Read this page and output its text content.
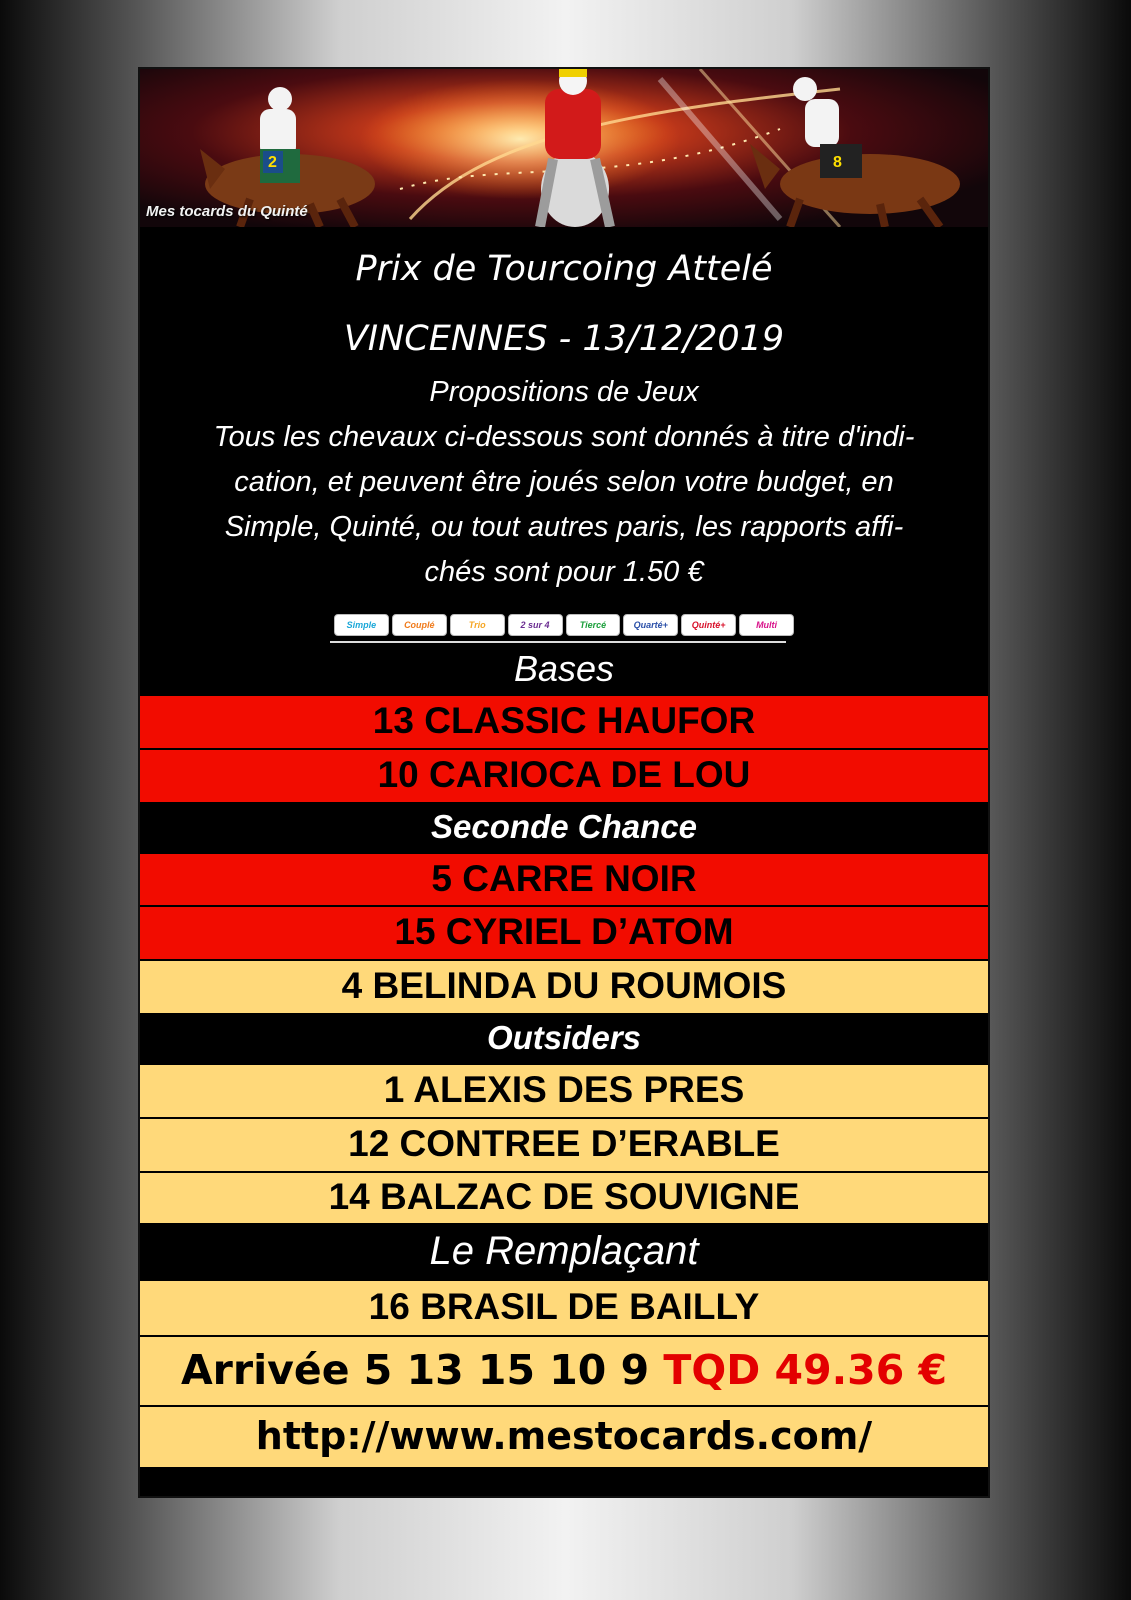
2	8
Mes tocards du Quinté
Prix de Tourcoing Attelé
VINCENNES - 13/12/2019
Propositions de Jeux
Tous les chevaux ci-dessous sont donnés à titre d'indi-
cation, et peuvent être joués selon votre budget, en
Simple, Quinté, ou tout autres paris, les rapports affi-
chés sont pour 1.50 €
Simple	Couplé	Trio	2 sur 4	Tiercé	Quarté+	Quinté+	Multi
Bases
13 CLASSIC HAUFOR
10 CARIOCA DE LOU
Seconde Chance
5 CARRE NOIR
15 CYRIEL D’ATOM
4 BELINDA DU ROUMOIS
Outsiders
1 ALEXIS DES PRES
12 CONTREE D’ERABLE
14 BALZAC DE SOUVIGNE
Le Remplaçant
16 BRASIL DE BAILLY
Arrivée 5 13 15 10 9 TQD 49.36 €
http://www.mestocards.com/
